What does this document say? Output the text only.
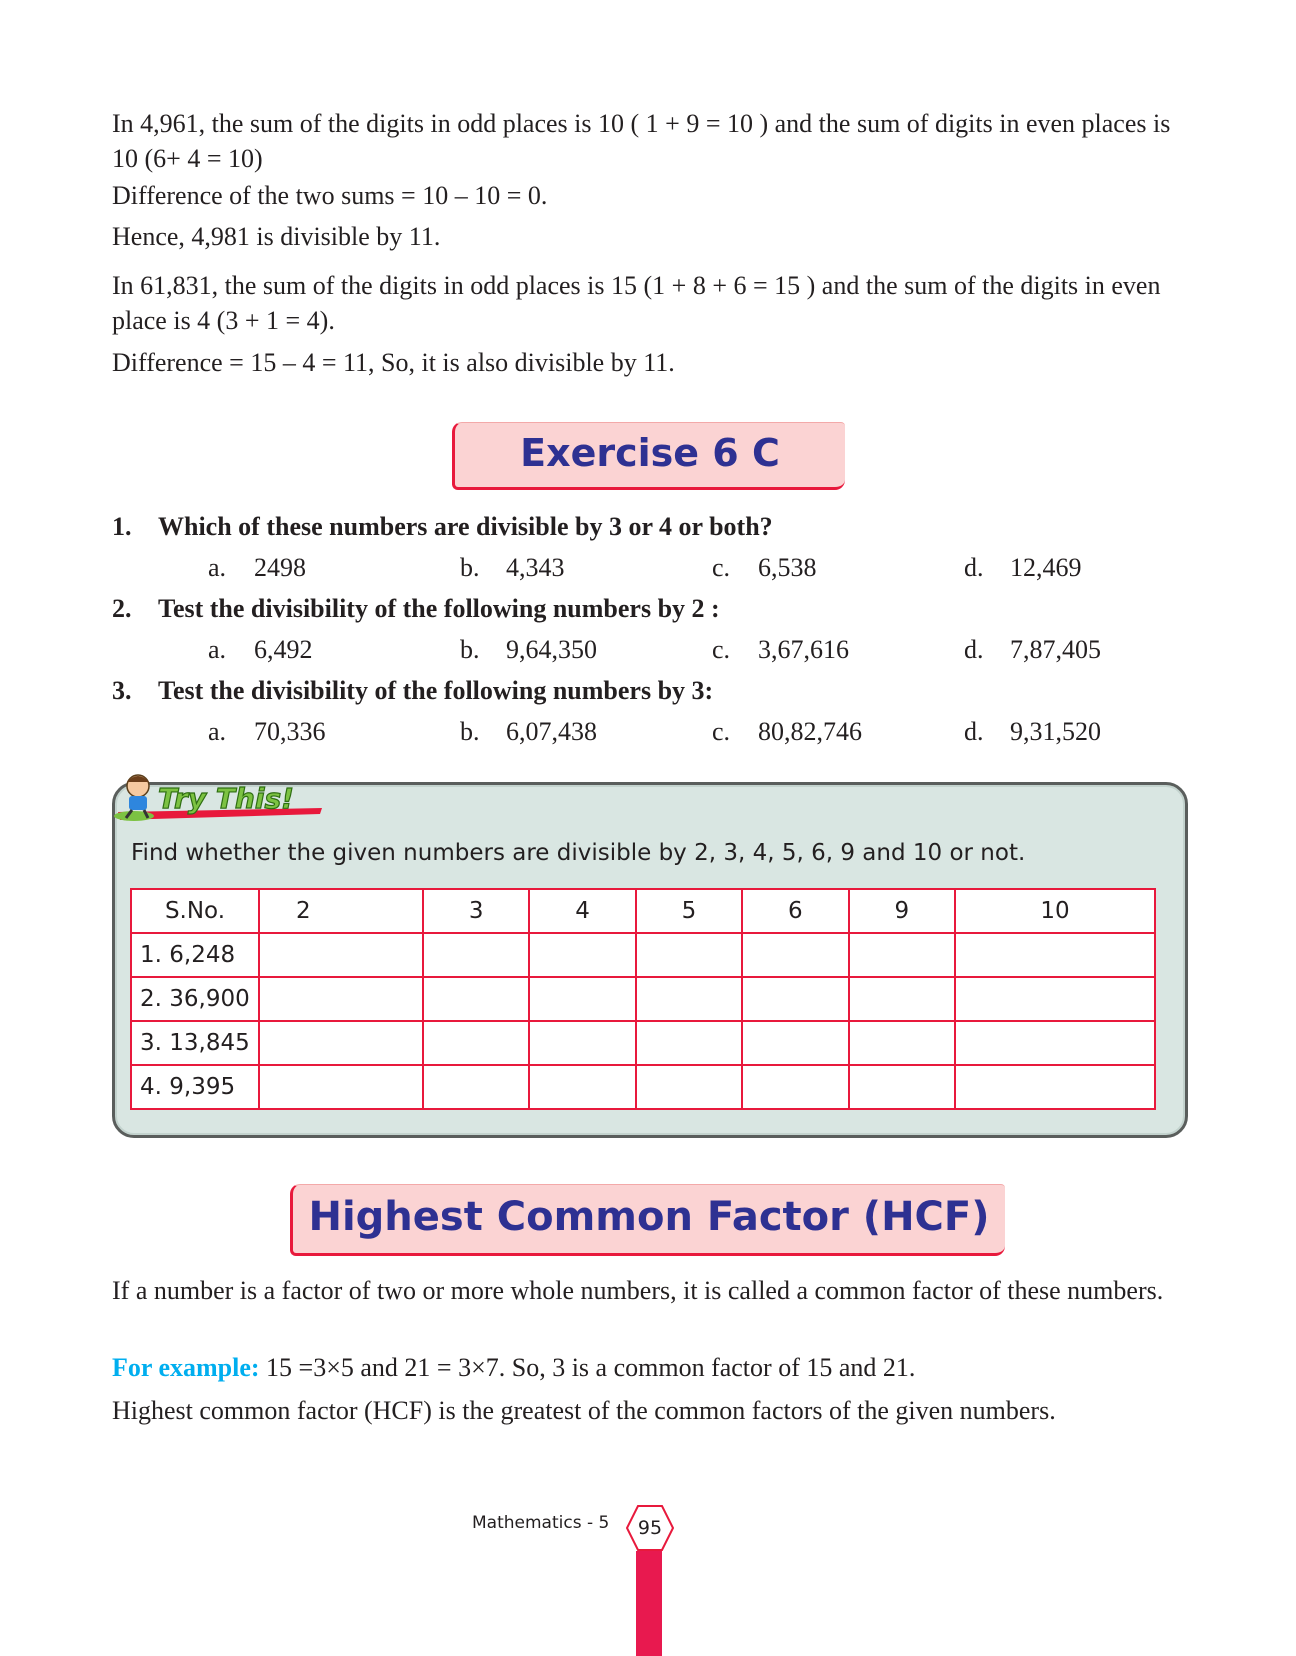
In 4,961, the sum of the digits in odd places is 10 ( 1 + 9 = 10 ) and the sum of digits in even places is 10 (6+ 4 = 10)

Difference of the two sums = 10 – 10 = 0.

Hence, 4,981 is divisible by 11.

In 61,831, the sum of the digits in odd places is 15 (1 + 8 + 6 = 15 ) and the sum of the digits in even place is 4 (3 + 1 = 4).

Difference = 15 – 4 = 11, So, it is also divisible by 11.

Exercise 6 C
1. Which of these numbers are divisible by 3 or 4 or both?
a. 2498	b. 4,343	c. 6,538	d. 12,469
2. Test the divisibility of the following numbers by 2 :
a. 6,492	b. 9,64,350	c. 3,67,616	d. 7,87,405
3. Test the divisibility of the following numbers by 3:
a. 70,336	b. 6,07,438	c. 80,82,746	d. 9,31,520
Try This!
Find whether the given numbers are divisible by 2, 3, 4, 5, 6, 9 and 10 or not.
S.No.	2	3	4	5	6	9	10
1. 6,248							
2. 36,900							
3. 13,845							
4. 9,395							
Highest Common Factor (HCF)

If a number is a factor of two or more whole numbers, it is called a common factor of these numbers.

For example: 15 =3×5 and 21 = 3×7. So, 3 is a common factor of 15 and 21.

Highest common factor (HCF) is the greatest of the common factors of the given numbers.

Mathematics - 5	95
